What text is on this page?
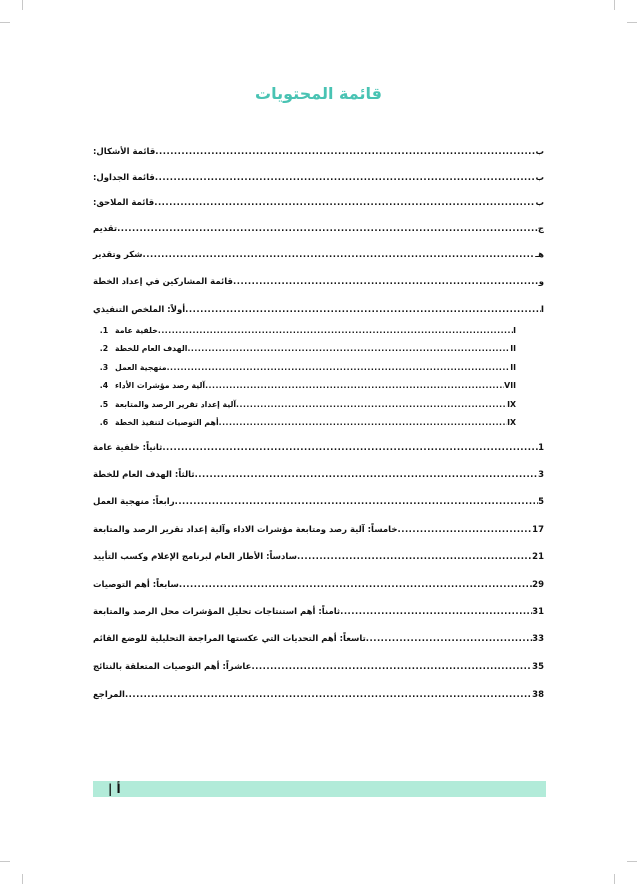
قائمة المحتويات
قائمة الأشكال: .....	ب
قائمة الجداول: .....	ب
قائمة الملاحق: .....	ب
تقديم .....	ج
شكر وتقدير .....	هـ
قائمة المشاركين في إعداد الخطة .....	و
أولاً: الملخص التنفيذي .....	I
1. خلفية عامة .....	I
2. الهدف العام للخطة .....	II
3. منهجية العمل .....	II
4. آلية رصد مؤشرات الأداء .....	VII
5. آلية إعداد تقرير الرصد والمتابعة .....	IX
6. أهم التوصيات لتنفيذ الخطة .....	IX
ثانياً: خلفية عامة .....	1
ثالثاً: الهدف العام للخطة .....	3
رابعاً: منهجية العمل .....	5
خامساً: آلية رصد ومتابعة مؤشرات الاداء وآلية إعداد تقرير الرصد والمتابعة .....	17
سادساً: الأطار العام لبرنامج الإعلام وكسب التأييد .....	21
سابعاً: أهم التوصيات .....	29
ثامناً: أهم استنتاجات تحليل المؤشرات محل الرصد والمتابعة .....	31
تاسعاً: أهم التحديات التي عكستها المراجعة التحليلية للوضع القائم .....	33
عاشراً: أهم التوصيات المتعلقة بالنتائج .....	35
المراجع .....	38
أ |
